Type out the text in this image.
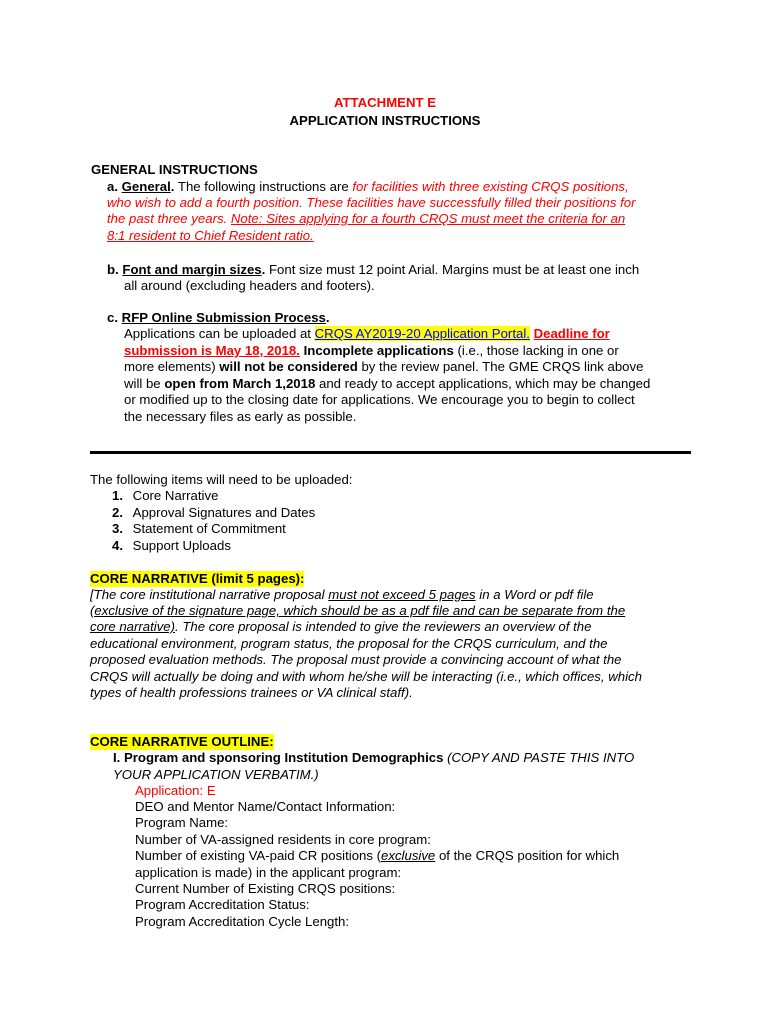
ATTACHMENT E
APPLICATION INSTRUCTIONS
GENERAL INSTRUCTIONS
a. General. The following instructions are for facilities with three existing CRQS positions,
who wish to add a fourth position. These facilities have successfully filled their positions for
the past three years. Note: Sites applying for a fourth CRQS must meet the criteria for an
8:1 resident to Chief Resident ratio.
b. Font and margin sizes. Font size must 12 point Arial. Margins must be at least one inch
all around (excluding headers and footers).
c. RFP Online Submission Process.
Applications can be uploaded at CRQS AY2019-20 Application Portal. Deadline for
submission is May 18, 2018. Incomplete applications (i.e., those lacking in one or
more elements) will not be considered by the review panel. The GME CRQS link above
will be open from March 1,2018 and ready to accept applications, which may be changed
or modified up to the closing date for applications. We encourage you to begin to collect
the necessary files as early as possible.
The following items will need to be uploaded:
1. Core Narrative
2. Approval Signatures and Dates
3. Statement of Commitment
4. Support Uploads
CORE NARRATIVE (limit 5 pages):
[The core institutional narrative proposal must not exceed 5 pages in a Word or pdf file
(exclusive of the signature page, which should be as a pdf file and can be separate from the
core narrative). The core proposal is intended to give the reviewers an overview of the
educational environment, program status, the proposal for the CRQS curriculum, and the
proposed evaluation methods. The proposal must provide a convincing account of what the
CRQS will actually be doing and with whom he/she will be interacting (i.e., which offices, which
types of health professions trainees or VA clinical staff).
CORE NARRATIVE OUTLINE:
I. Program and sponsoring Institution Demographics (COPY AND PASTE THIS INTO
YOUR APPLICATION VERBATIM.)
Application: E
DEO and Mentor Name/Contact Information:
Program Name:
Number of VA-assigned residents in core program:
Number of existing VA-paid CR positions (exclusive of the CRQS position for which
application is made) in the applicant program:
Current Number of Existing CRQS positions:
Program Accreditation Status:
Program Accreditation Cycle Length:
